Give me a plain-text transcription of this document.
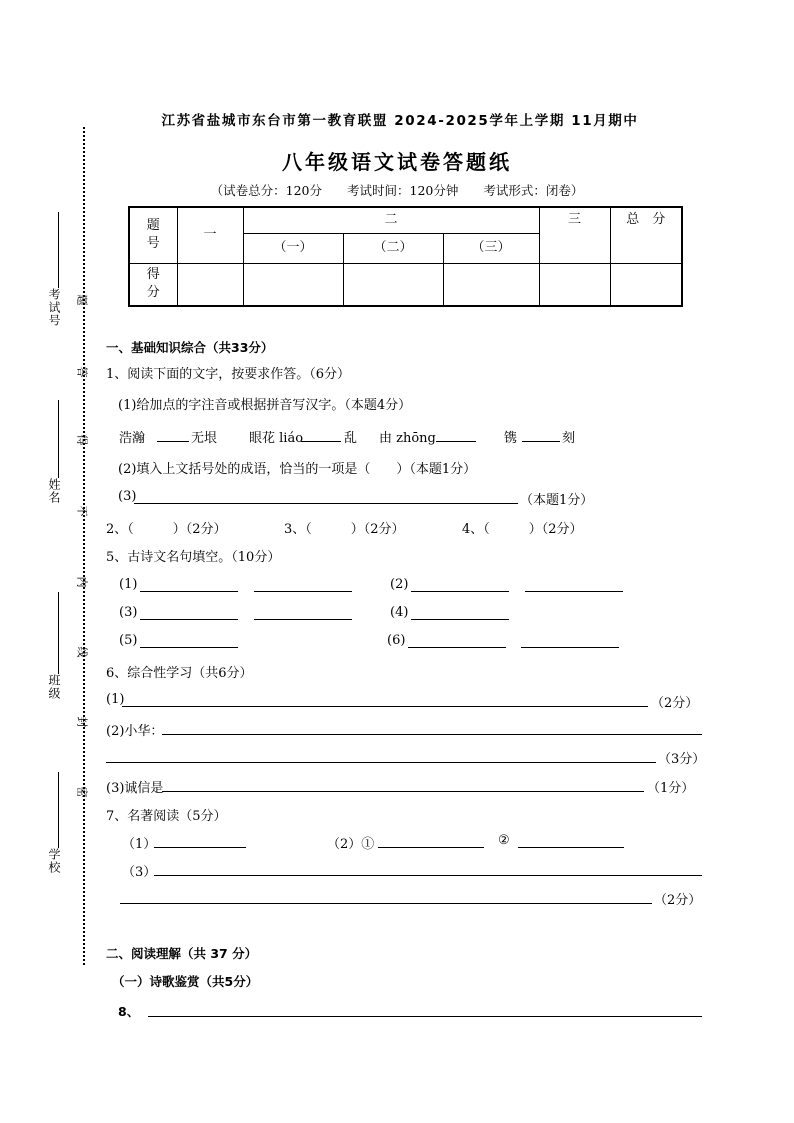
考试号
姓名
班级
学校
题
答
得
不
内
线
封
密
江苏省盐城市东台市第一教育联盟 2024-2025学年上学期 11月期中
八年级语文试卷答题纸
（试卷总分：120分　　考试时间：120分钟　　考试形式：闭卷）
题
号	一	二			三	总　分
		（一）	（二）	（三）		
得
分						
一、基础知识综合（共33分）
1、阅读下面的文字，按要求作答。（6分）
(1)给加点的字注音或根据拼音写汉字。（本题4分）
浩瀚	无垠 眼花 liáo	乱 由 zhōng	镌	刻
(2)填入上文括号处的成语，恰当的一项是（　　）（本题1分）
(3)	（本题1分）
2、（　　　）（2分）	3、（　　　）（2分）	4、（　　　）（2分）
5、古诗文名句填空。（10分）
(1)	(2)
(3)	(4)
(5)	(6)
6、综合性学习（共6分）
(1)	（2分）
(2)小华：
（3分）
(3)诚信是	（1分）
7、名著阅读（5分）
（1）	（2）①	②
（3）
（2分）
二、阅读理解（共 37 分）
（一）诗歌鉴赏（共5分）
8、
